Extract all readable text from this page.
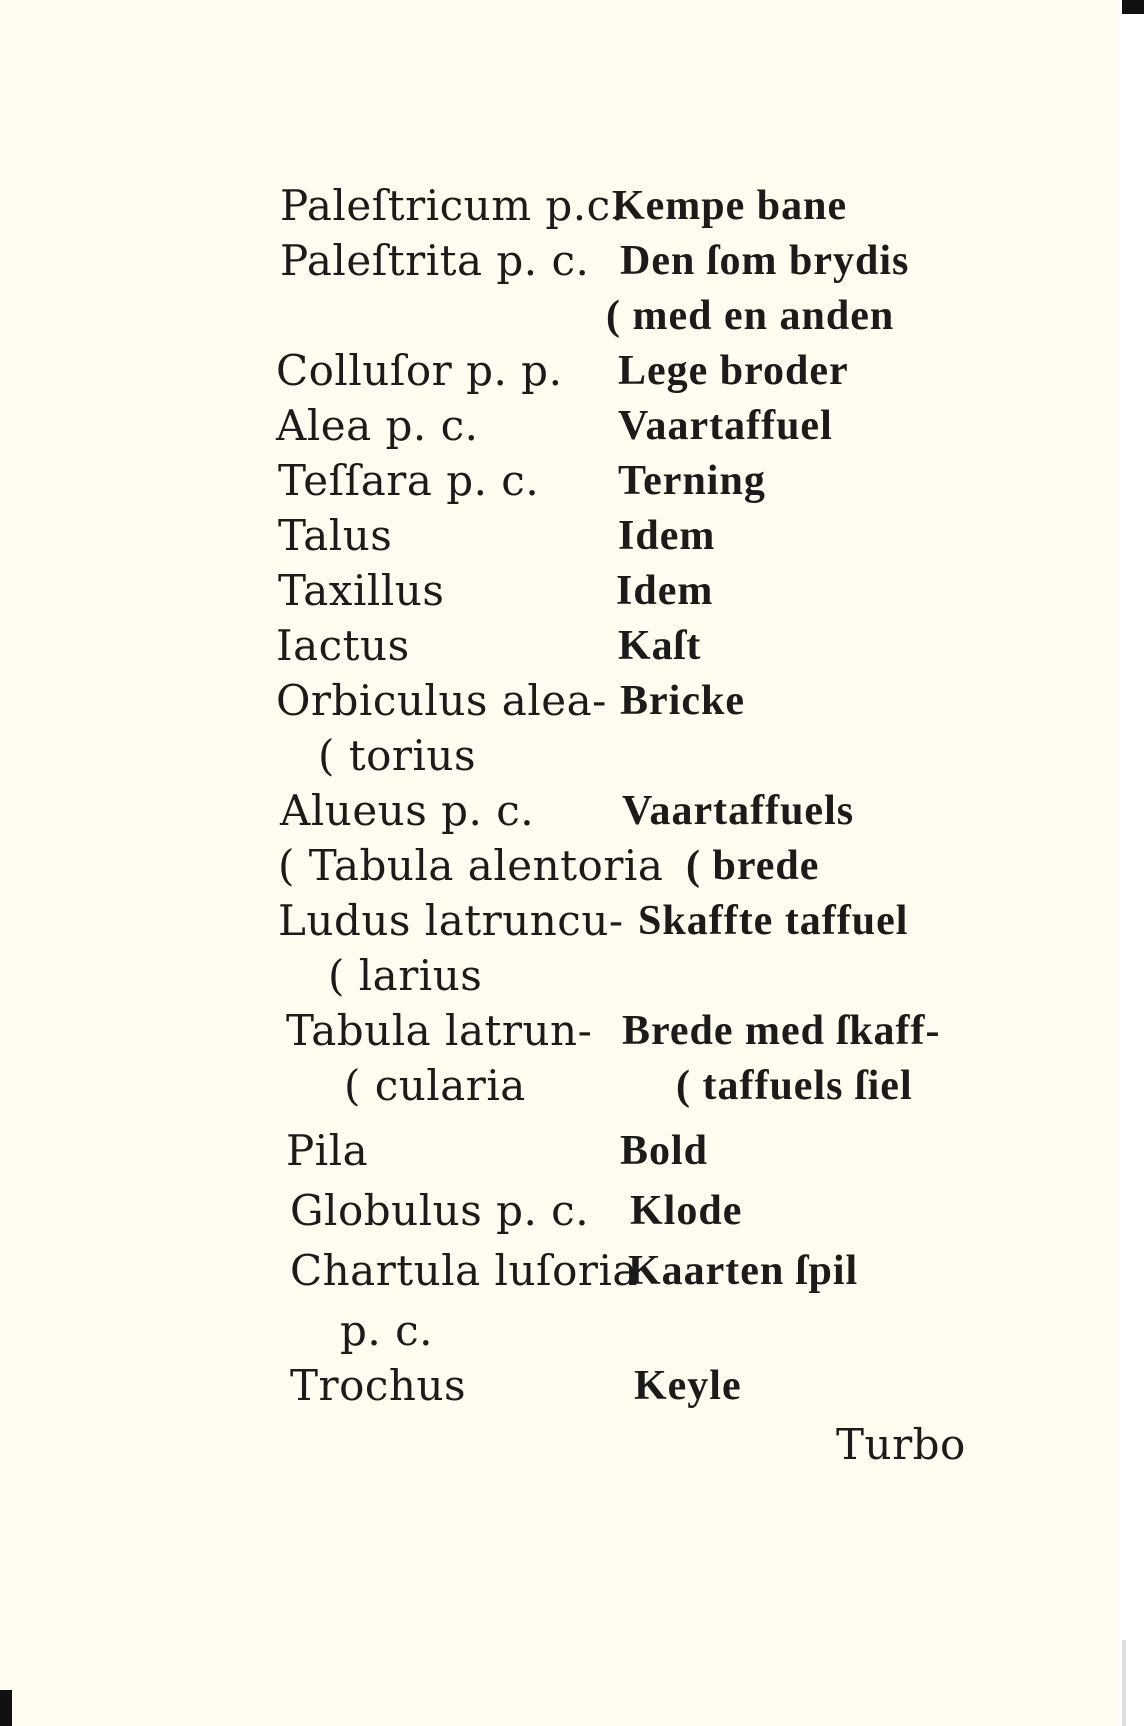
Paleſtricum p.c.
Paleſtrita p. c.
Colluſor p. p.
Alea p. c.
Teſſara p. c.
Talus
Taxillus
Iactus
Orbiculus alea-
( torius
Alueus p. c.
( Tabula alentoria
Ludus latruncu-
( larius
Tabula latrun-
( cularia
Pila
Globulus p. c.
Chartula luſoria
p. c.
Trochus
Kempe bane
Den ſom brydis
( med en anden
Lege broder
Vaartaffuel
Terning
Idem
Idem
Kaſt
Bricke
Vaartaffuels
( brede
Skaffte taffuel
Brede med ſkaff-
( taffuels ſiel
Bold
Klode
Kaarten ſpil
Keyle
Turbo
